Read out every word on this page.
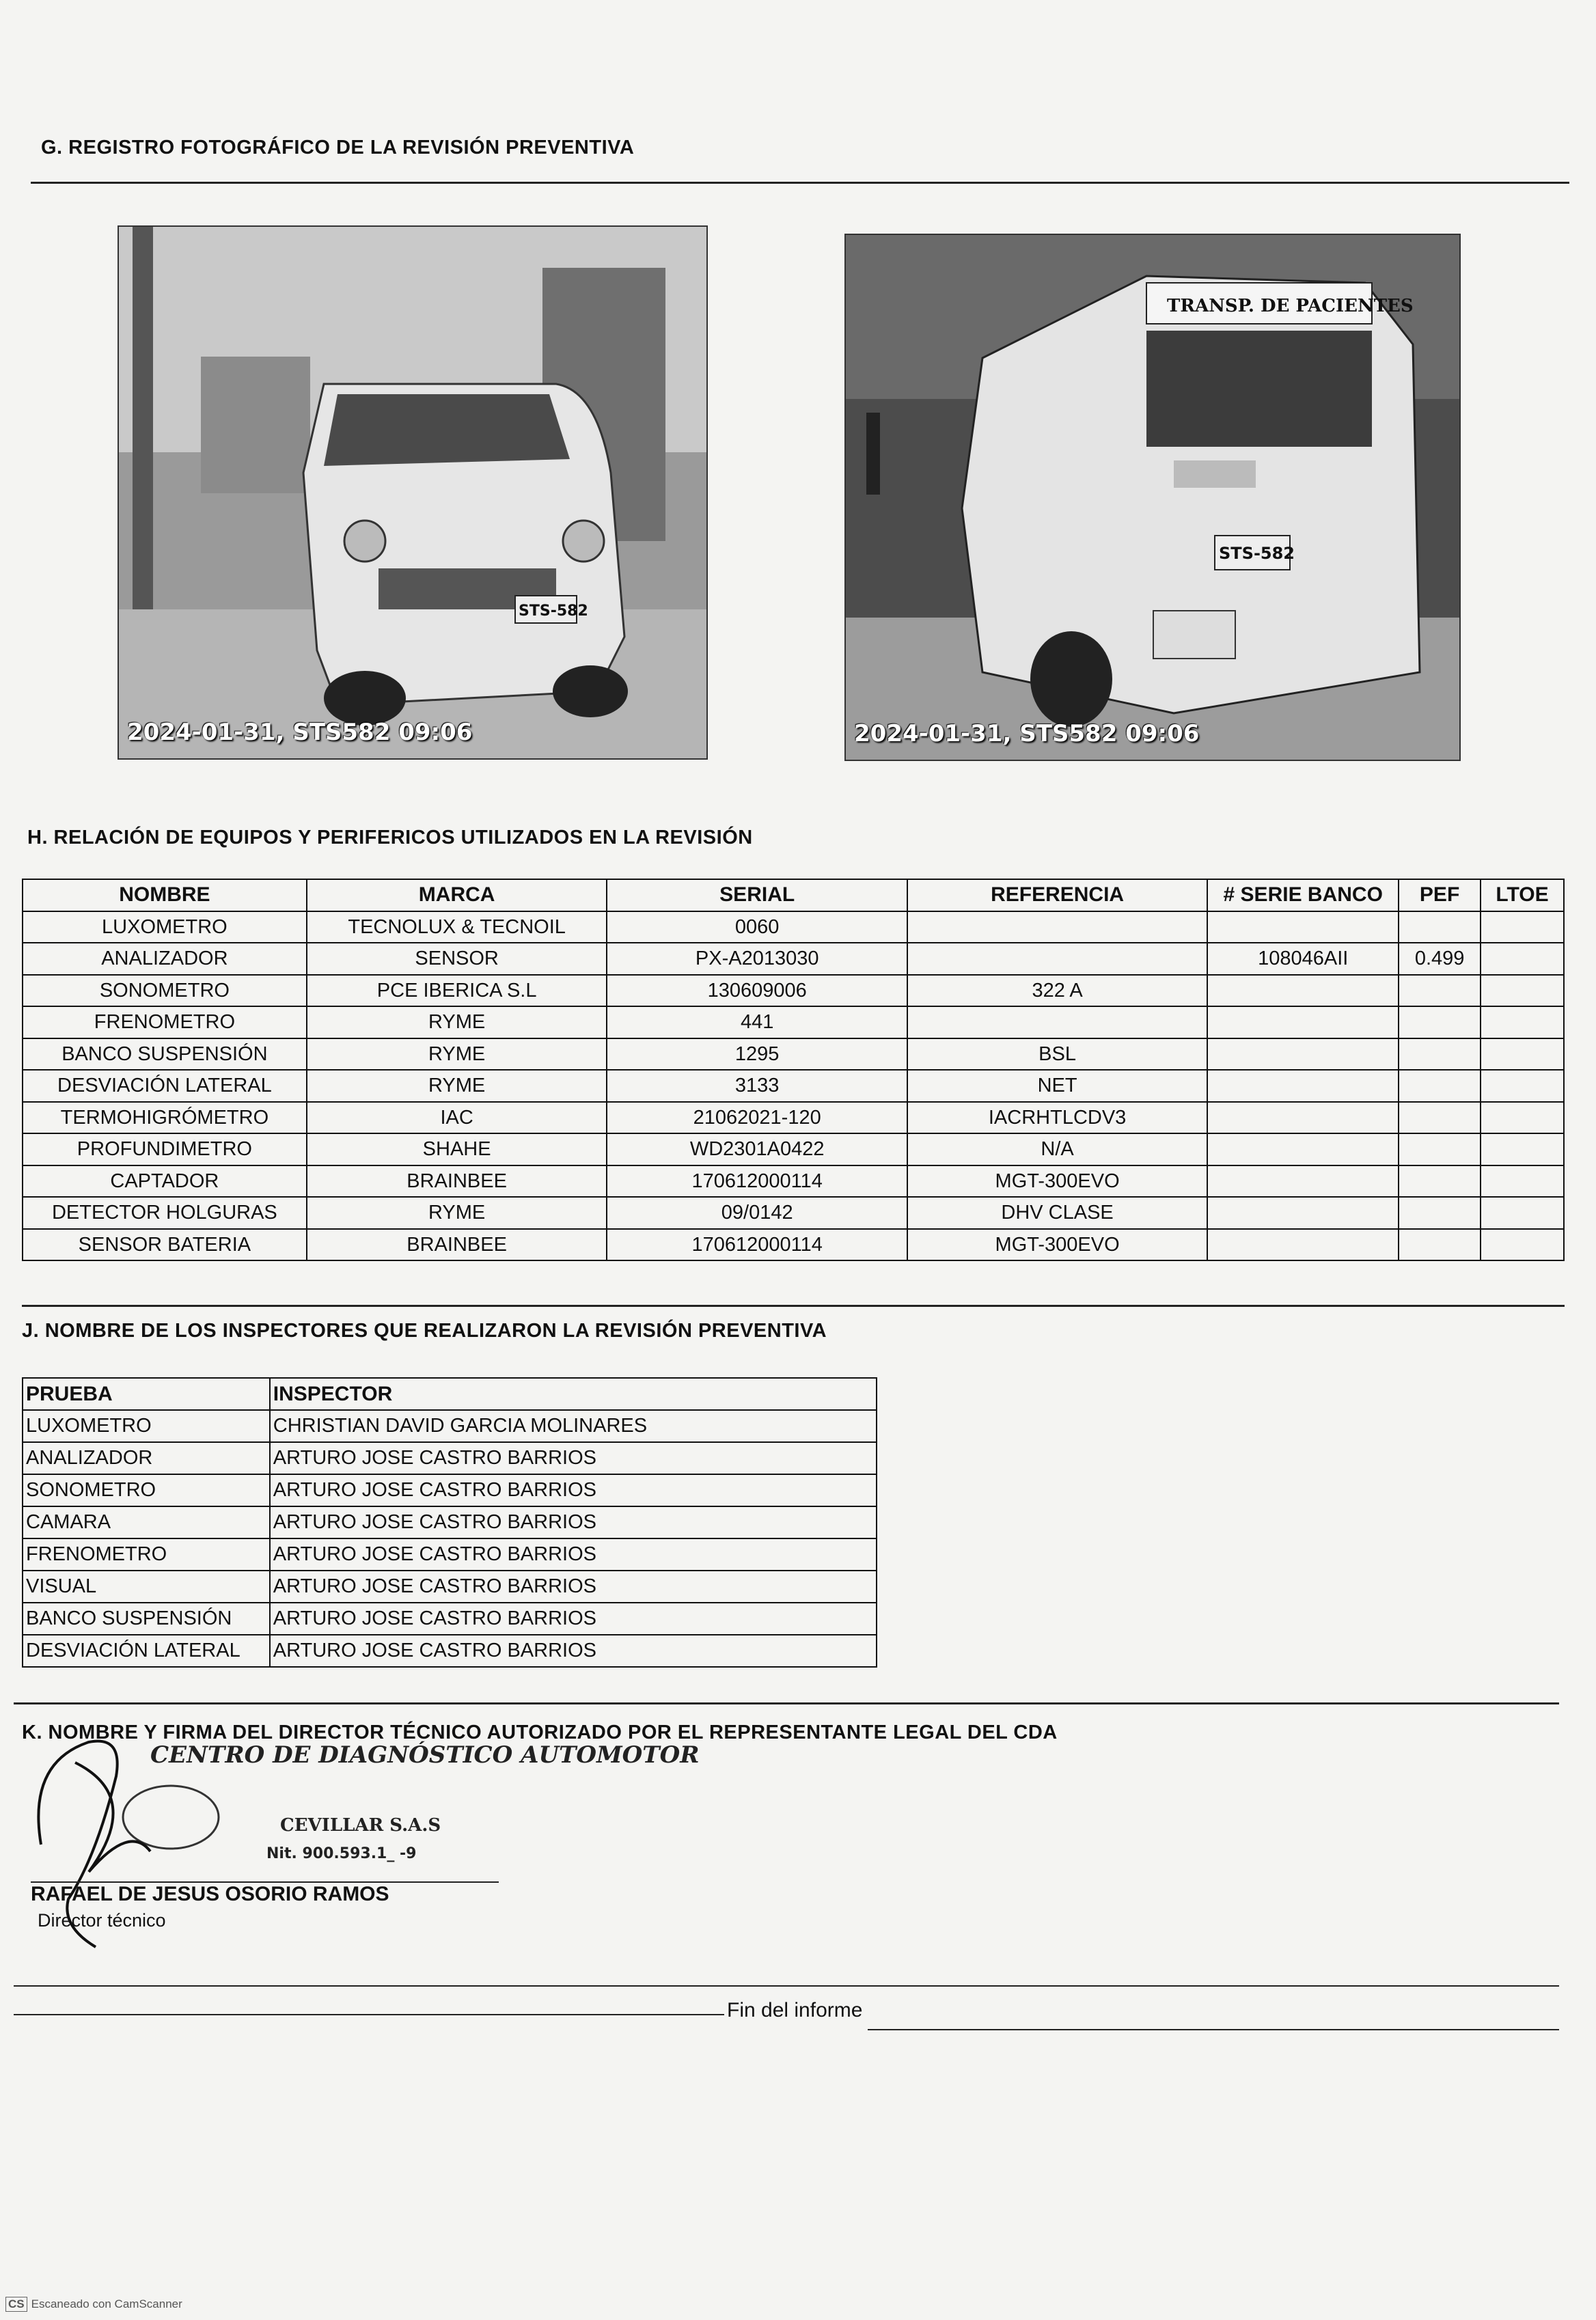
G. REGISTRO FOTOGRÁFICO DE LA REVISIÓN PREVENTIVA
STS-582
2024-01-31, STS582 09:06
TRANSP. DE PACIENTES
STS-582
2024-01-31, STS582 09:06
H. RELACIÓN DE EQUIPOS Y PERIFERICOS UTILIZADOS EN LA REVISIÓN
NOMBRE	MARCA	SERIAL	REFERENCIA	# SERIE BANCO	PEF	LTOE
LUXOMETRO	TECNOLUX & TECNOIL	0060				
ANALIZADOR	SENSOR	PX-A2013030		108046AII	0.499	
SONOMETRO	PCE IBERICA S.L	130609006	322 A			
FRENOMETRO	RYME	441				
BANCO SUSPENSIÓN	RYME	1295	BSL			
DESVIACIÓN LATERAL	RYME	3133	NET			
TERMOHIGRÓMETRO	IAC	21062021-120	IACRHTLCDV3			
PROFUNDIMETRO	SHAHE	WD2301A0422	N/A			
CAPTADOR	BRAINBEE	170612000114	MGT-300EVO			
DETECTOR HOLGURAS	RYME	09/0142	DHV CLASE			
SENSOR BATERIA	BRAINBEE	170612000114	MGT-300EVO			
J. NOMBRE DE LOS INSPECTORES QUE REALIZARON LA REVISIÓN PREVENTIVA
PRUEBA	INSPECTOR
LUXOMETRO	CHRISTIAN DAVID GARCIA MOLINARES
ANALIZADOR	ARTURO JOSE CASTRO BARRIOS
SONOMETRO	ARTURO JOSE CASTRO BARRIOS
CAMARA	ARTURO JOSE CASTRO BARRIOS
FRENOMETRO	ARTURO JOSE CASTRO BARRIOS
VISUAL	ARTURO JOSE CASTRO BARRIOS
BANCO SUSPENSIÓN	ARTURO JOSE CASTRO BARRIOS
DESVIACIÓN LATERAL	ARTURO JOSE CASTRO BARRIOS
K. NOMBRE Y FIRMA DEL DIRECTOR TÉCNICO AUTORIZADO POR EL REPRESENTANTE LEGAL DEL CDA
CENTRO DE DIAGNÓSTICO AUTOMOTOR
CEVILLAR S.A.S
Nit. 900.593.1_ -9
RAFAEL DE JESUS OSORIO RAMOS
Director técnico
Fin del informe
CS Escaneado con CamScanner
